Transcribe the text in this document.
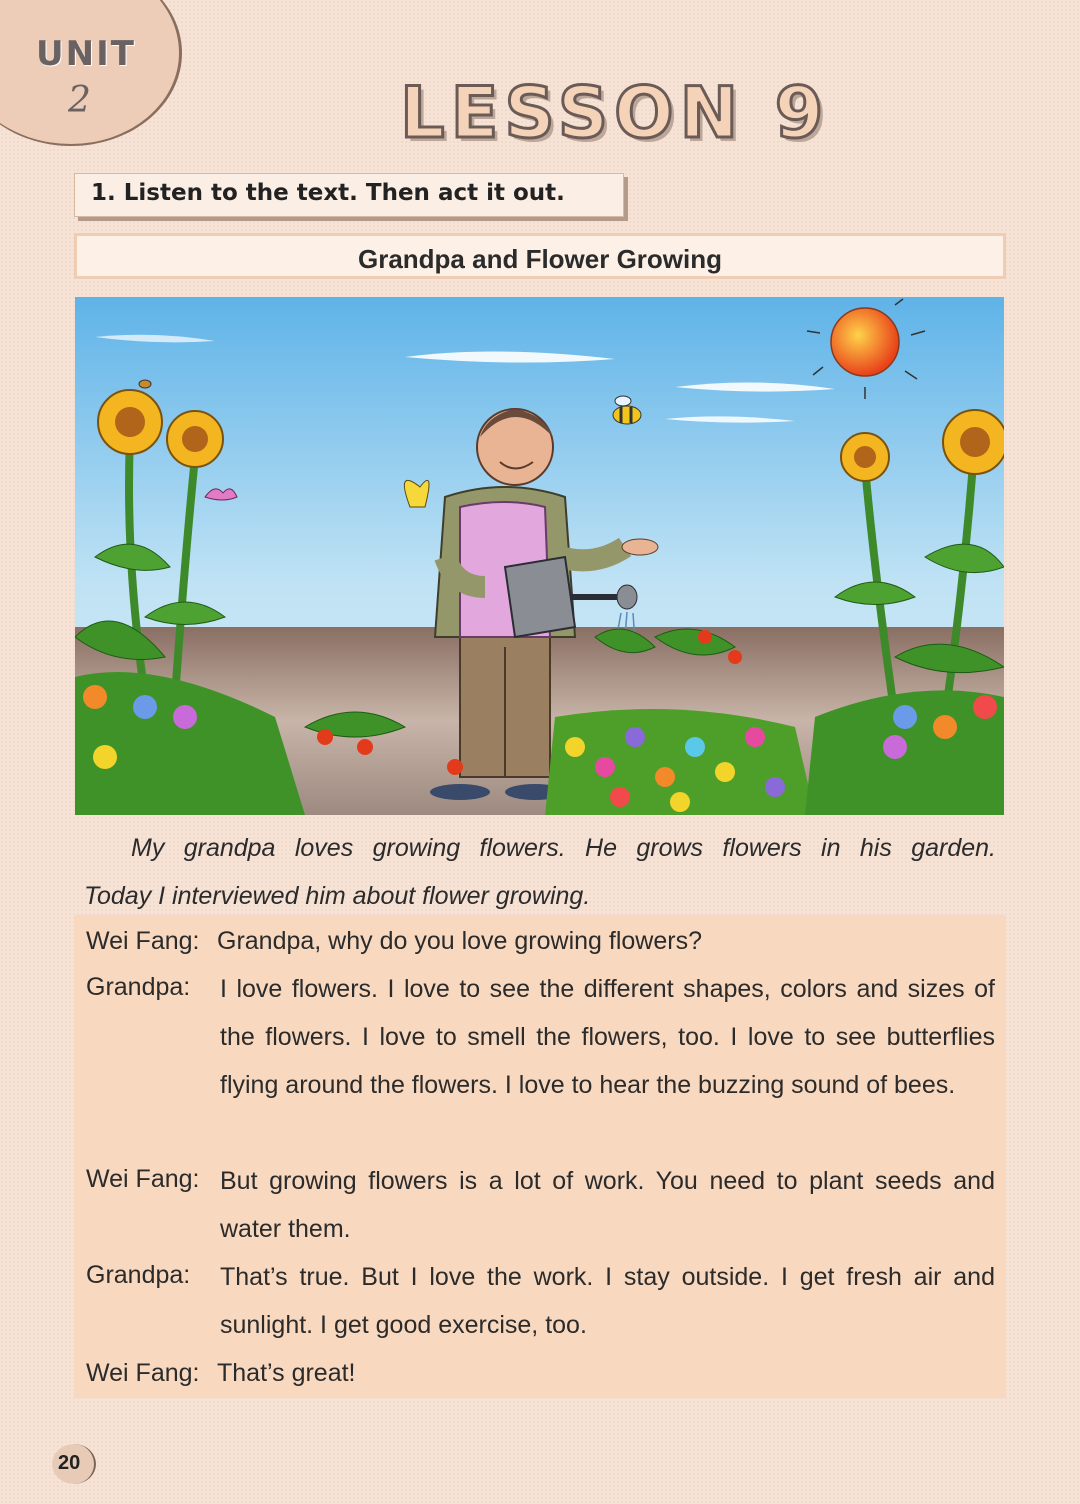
UNIT
2	LESSON 9
1. Listen to the text. Then act it out.
Grandpa and Flower Growing

My grandpa loves growing flowers. He grows flowers in his garden.

Today I interviewed him about flower growing.

Wei Fang: Grandpa, why do you love growing flowers?
Grandpa: I love flowers. I love to see the different shapes, colors and sizes of the flowers. I love to smell the flowers, too. I love to see butterflies flying around the flowers. I love to hear the buzzing sound of bees.
Wei Fang: But growing flowers is a lot of work. You need to plant seeds and water them.
Grandpa: That’s true. But I love the work. I stay outside. I get fresh air and sunlight. I get good exercise, too.
Wei Fang: That’s great!
20
